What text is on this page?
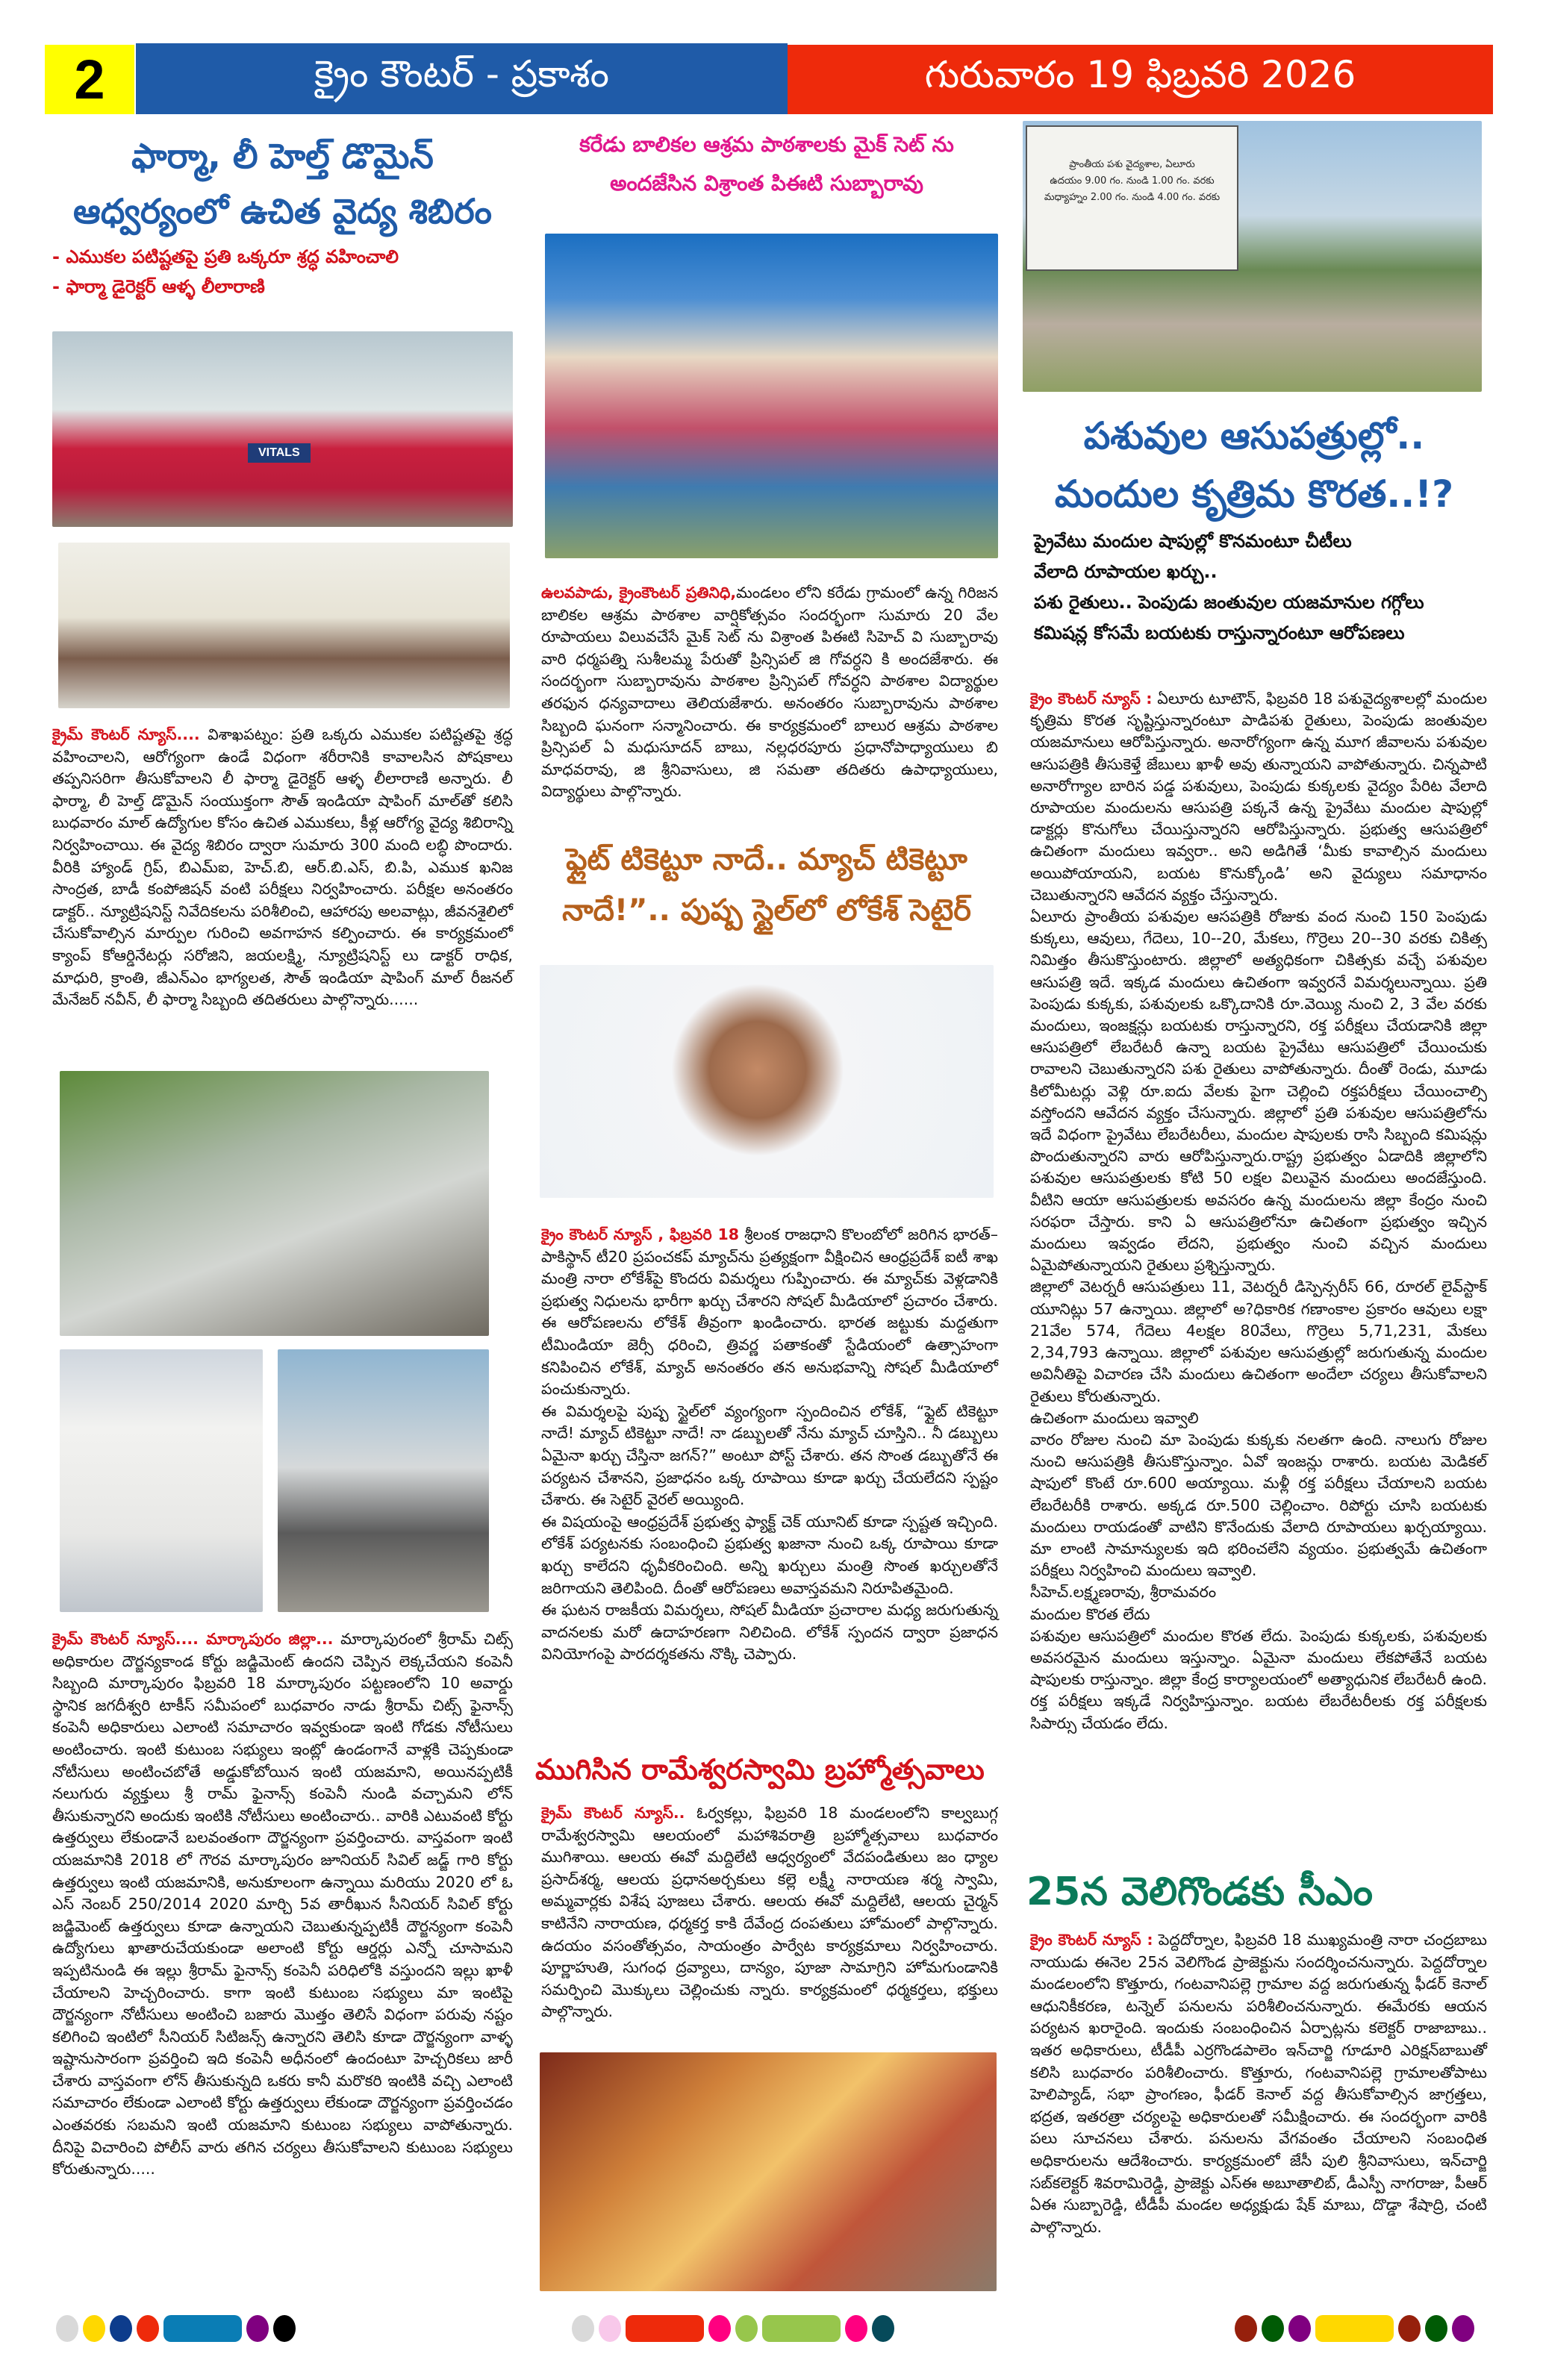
2	క్రైం కౌంటర్ - ప్రకాశం	గురువారం 19 ఫిబ్రవరి 2026
ఫార్మా, లీ హెల్త్ డొమైన్
ఆధ్వర్యంలో ఉచిత వైద్య శిబిరం
- ఎముకల పటిష్టతపై ప్రతి ఒక్కరూ శ్రద్ధ వహించాలి
- ఫార్మా డైరెక్టర్ ఆళ్ళ లీలారాణి
VITALS
క్రైమ్ కౌంటర్ న్యూస్.... విశాఖపట్నం: ప్రతి ఒక్కరు ఎముకల పటిష్టతపై శ్రద్ధ వహించాలని, ఆరోగ్యంగా ఉండే విధంగా శరీరానికి కావాలసిన పోషకాలు తప్పనిసరిగా తీసుకోవాలని లీ ఫార్మా డైరెక్టర్ ఆళ్ళ లీలారాణి అన్నారు. లీ ఫార్మా, లీ హెల్త్ డొమైన్ సంయుక్తంగా సౌత్ ఇండియా షాపింగ్ మాల్‌తో కలిసి బుధవారం మాల్ ఉద్యోగుల కోసం ఉచిత ఎముకలు, కీళ్ల ఆరోగ్య వైద్య శిబిరాన్ని నిర్వహించాయి. ఈ వైద్య శిబిరం ద్వారా సుమారు 300 మంది లబ్ధి పొందారు. వీరికి హ్యాండ్ గ్రిప్, బిఎమ్ఐ, హెచ్.బి, ఆర్.బి.ఎస్, బి.పి, ఎముక ఖనిజ సాంద్రత, బాడీ కంపోజిషన్ వంటి పరీక్షలు నిర్వహించారు. పరీక్షల అనంతరం డాక్టర్.. న్యూట్రిషనిస్ట్ నివేదికలను పరిశీలించి, ఆహారపు అలవాట్లు, జీవనశైలిలో చేసుకోవాల్సిన మార్పుల గురించి అవగాహన కల్పించారు. ఈ కార్యక్రమంలో క్యాంప్ కోఆర్డినేటర్లు సరోజిని, జయలక్ష్మి, న్యూట్రిషనిస్ట్ లు డాక్టర్ రాధిక, మాధురి, క్రాంతి, జీఎన్‌ఎం భాగ్యలత, సౌత్ ఇండియా షాపింగ్ మాల్ రీజనల్ మేనేజర్ నవీన్, లీ ఫార్మా సిబ్బంది తదితరులు పాల్గొన్నారు......
క్రైమ్ కౌంటర్ న్యూస్.... మార్కాపురం జిల్లా... మార్కాపురంలో శ్రీరామ్ చిట్స్ అధికారుల దౌర్జన్యకాండ కోర్టు జడ్జిమెంట్ ఉందని చెప్పిన లెక్కచేయని కంపెనీ సిబ్బంది మార్కాపురం ఫిబ్రవరి 18 మార్కాపురం పట్టణంలోని 10 అవార్డు స్థానిక జగదీశ్వరి టాకీస్ సమీపంలో బుధవారం నాడు శ్రీరామ్ చిట్స్ ఫైనాన్స్ కంపెనీ అధికారులు ఎలాంటి సమాచారం ఇవ్వకుండా ఇంటి గోడకు నోటీసులు అంటించారు. ఇంటి కుటుంబ సభ్యులు ఇంట్లో ఉండంగానే వాళ్లకి చెప్పకుండా నోటీసులు అంటించబోతే అడ్డుకోబోయిన ఇంటి యజమాని, అయినప్పటికీ నలుగురు వ్యక్తులు శ్రీ రామ్ ఫైనాన్స్ కంపెనీ నుండి వచ్చామని లోన్ తీసుకున్నారని అందుకు ఇంటికి నోటీసులు అంటించారు.. వారికి ఎటువంటి కోర్టు ఉత్తర్వులు లేకుండానే బలవంతంగా దౌర్జన్యంగా ప్రవర్తించారు. వాస్తవంగా ఇంటి యజమానికి 2018 లో గౌరవ మార్కాపురం జూనియర్ సివిల్ జడ్జ్ గారి కోర్టు ఉత్తర్వులు ఇంటి యజమానికి, అనుకూలంగా ఉన్నాయి మరియు 2020 లో ఓ ఎస్ నెంబర్ 250/2014 2020 మార్చి 5వ తారీఖున సీనియర్ సివిల్ కోర్టు జడ్జిమెంట్ ఉత్తర్వులు కూడా ఉన్నాయని చెబుతున్నప్పటికీ దౌర్జన్యంగా కంపెనీ ఉద్యోగులు ఖాతారుచేయకుండా అలాంటి కోర్టు ఆర్డర్లు ఎన్నో చూసామని ఇప్పటినుండి ఈ ఇల్లు శ్రీరామ్ ఫైనాన్స్ కంపెనీ పరిధిలోకి వస్తుందని ఇల్లు ఖాళీ చేయాలని హెచ్చరించారు. కాగా ఇంటి కుటుంబ సభ్యులు మా ఇంటిపై దౌర్జన్యంగా నోటీసులు అంటించి బజారు మొత్తం తెలిసే విధంగా పరువు నష్టం కలిగించి ఇంటిలో సీనియర్ సిటిజన్స్ ఉన్నారని తెలిసి కూడా దౌర్జన్యంగా వాళ్ళ ఇష్టానుసారంగా ప్రవర్తించి ఇది కంపెనీ అధీనంలో ఉందంటూ హెచ్చరికలు జారీ చేశారు వాస్తవంగా లోన్ తీసుకున్నది ఒకరు కానీ మరొకరి ఇంటికి వచ్చి ఎలాంటి సమాచారం లేకుండా ఎలాంటి కోర్టు ఉత్తర్వులు లేకుండా దౌర్జన్యంగా ప్రవర్తించడం ఎంతవరకు సబమని ఇంటి యజమాని కుటుంబ సభ్యులు వాపోతున్నారు. దీనిపై విచారించి పోలీస్ వారు తగిన చర్యలు తీసుకోవాలని కుటుంబ సభ్యులు కోరుతున్నారు.....
కరేడు బాలికల ఆశ్రమ పాఠశాలకు మైక్ సెట్ ను
అందజేసిన విశ్రాంత పిఈటి సుబ్బారావు
ఉలవపాడు, క్రైంకౌంటర్ ప్రతినిధి,మండలం లోని కరేడు గ్రామంలో ఉన్న గిరిజన బాలికల ఆశ్రమ పాఠశాల వార్షికోత్సవం సందర్భంగా సుమారు 20 వేల రూపాయలు విలువచేసే మైక్ సెట్ ను విశ్రాంత పిఈటి సిహెచ్ వి సుబ్బారావు వారి ధర్మపత్ని సుశీలమ్మ పేరుతో ప్రిన్సిపల్ జి గోవర్ధని కి అందజేశారు. ఈ సందర్భంగా సుబ్బారావును పాఠశాల ప్రిన్సిపల్ గోవర్ధని పాఠశాల విద్యార్థుల తరఫున ధన్యవాదాలు తెలియజేశారు. అనంతరం సుబ్బారావును పాఠశాల సిబ్బంది ఘనంగా సన్మానించారు. ఈ కార్యక్రమంలో బాలుర ఆశ్రమ పాఠశాల ప్రిన్సిపల్ ఏ మధుసూదన్ బాబు, నల్లధరపూరు ప్రధానోపాధ్యాయులు బి మాధవరావు, జి శ్రీనివాసులు, జి సమతా తదితరు ఉపాధ్యాయులు, విద్యార్థులు పాల్గొన్నారు.
ఫ్లైట్ టికెట్టూ నాదే.. మ్యాచ్ టికెట్టూ
నాదే!”.. పుష్ప స్టైల్‌లో లోకేశ్ సెటైర్

క్రైం కౌంటర్ న్యూస్ , ఫిబ్రవరి 18 శ్రీలంక రాజధాని కొలంబోలో జరిగిన భారత్–పాకిస్థాన్ టీ20 ప్రపంచకప్ మ్యాచ్‌ను ప్రత్యక్షంగా వీక్షించిన ఆంధ్రప్రదేశ్ ఐటీ శాఖ మంత్రి నారా లోకేశ్‌పై కొందరు విమర్శలు గుప్పించారు. ఈ మ్యాచ్‌కు వెళ్లడానికి ప్రభుత్వ నిధులను భారీగా ఖర్చు చేశారని సోషల్ మీడియాలో ప్రచారం చేశారు. ఈ ఆరోపణలను లోకేశ్ తీవ్రంగా ఖండించారు. భారత జట్టుకు మద్దతుగా టీమిండియా జెర్సీ ధరించి, త్రివర్ణ పతాకంతో స్టేడియంలో ఉత్సాహంగా కనిపించిన లోకేశ్, మ్యాచ్ అనంతరం తన అనుభవాన్ని సోషల్ మీడియాలో పంచుకున్నారు.

ఈ విమర్శలపై పుష్ప స్టైల్‌లో వ్యంగ్యంగా స్పందించిన లోకేశ్, “ఫ్లైట్ టికెట్టూ నాదే! మ్యాచ్ టికెట్టూ నాదే! నా డబ్బులతో నేను మ్యాచ్ చూస్తిని.. నీ డబ్బులు ఏమైనా ఖర్చు చేస్తినా జగన్?” అంటూ పోస్ట్ చేశారు. తన సొంత డబ్బుతోనే ఈ పర్యటన చేశానని, ప్రజాధనం ఒక్క రూపాయి కూడా ఖర్చు చేయలేదని స్పష్టం చేశారు. ఈ సెటైర్ వైరల్ అయ్యింది.

ఈ విషయంపై ఆంధ్రప్రదేశ్ ప్రభుత్వ ఫ్యాక్ట్ చెక్ యూనిట్ కూడా స్పష్టత ఇచ్చింది. లోకేశ్ పర్యటనకు సంబంధించి ప్రభుత్వ ఖజానా నుంచి ఒక్క రూపాయి కూడా ఖర్చు కాలేదని ధృవీకరించింది. అన్ని ఖర్చులు మంత్రి సొంత ఖర్చులతోనే జరిగాయని తెలిపింది. దీంతో ఆరోపణలు అవాస్తవమని నిరూపితమైంది.

ఈ ఘటన రాజకీయ విమర్శలు, సోషల్ మీడియా ప్రచారాల మధ్య జరుగుతున్న వాదనలకు మరో ఉదాహరణగా నిలిచింది. లోకేశ్ స్పందన ద్వారా ప్రజాధన వినియోగంపై పారదర్శకతను నొక్కి చెప్పారు.

ముగిసిన రామేశ్వరస్వామి బ్రహ్మోత్సవాలు
క్రైమ్ కౌంటర్ న్యూస్.. ఓర్వకల్లు, ఫిబ్రవరి 18 మండలంలోని కాల్వబుగ్గ రామేశ్వరస్వామి ఆలయంలో మహాశివరాత్రి బ్రహ్మోత్సవాలు బుధవారం ముగిశాయి. ఆలయ ఈవో మద్దిలేటి ఆధ్వర్యంలో వేదపండితులు జం ధ్యాల ప్రసాద్‌శర్మ, ఆలయ ప్రధానఅర్చకులు కల్లె లక్ష్మీ నారాయణ శర్మ స్వామి, అమ్మవార్లకు విశేష పూజలు చేశారు. ఆలయ ఈవో మద్దిలేటి, ఆలయ చైర్మన్ కాటినేని నారాయణ, ధర్మకర్త కాకి దేవేంద్ర దంపతులు హోమంలో పాల్గొన్నారు. ఉదయం వసంతోత్సవం, సాయంత్రం పార్వేట కార్యక్రమాలు నిర్వహించారు. పూర్ణాహుతి, సుగంధ ద్రవ్యాలు, దాన్యం, పూజా సామాగ్రిని హోమగుండానికి సమర్పించి మొక్కులు చెల్లించుకు న్నారు. కార్యక్రమంలో ధర్మకర్తలు, భక్తులు పాల్గొన్నారు.
ప్రాంతీయ పశు వైద్యశాల, ఏలూరు
ఉదయం 9.00 గం. నుండి 1.00 గం. వరకు
మధ్యాహ్నం 2.00 గం. నుండి 4.00 గం. వరకు
పశువుల ఆసుపత్రుల్లో..
మందుల కృత్రిమ కొరత..!?
ప్రైవేటు మందుల షాపుల్లో కొనమంటూ చీటీలు
వేలాది రూపాయల ఖర్చు..
పశు రైతులు.. పెంపుడు జంతువుల యజమానుల గగ్గోలు
కమిషన్ల కోసమే బయటకు రాస్తున్నారంటూ ఆరోపణలు

క్రైం కౌంటర్ న్యూస్ : ఏలూరు టూటౌన్, ఫిబ్రవరి 18 పశువైద్యశాలల్లో మందుల కృత్రిమ కొరత సృష్టిస్తున్నారంటూ పాడిపశు రైతులు, పెంపుడు జంతువుల యజమానులు ఆరోపిస్తున్నారు. అనారోగ్యంగా ఉన్న మూగ జీవాలను పశువుల ఆసుపత్రికి తీసుకెళ్తే జేబులు ఖాళీ అవు తున్నాయని వాపోతున్నారు. చిన్నపాటి అనారోగ్యాల బారిన పడ్డ పశువులు, పెంపుడు కుక్కలకు వైద్యం పేరిట వేలాది రూపాయల మందులను ఆసుపత్రి పక్కనే ఉన్న ప్రైవేటు మందుల షాపుల్లో డాక్టర్లు కొనుగోలు చేయిస్తున్నారని ఆరోపిస్తున్నారు. ప్రభుత్వ ఆసుపత్రిలో ఉచితంగా మందులు ఇవ్వరా.. అని అడిగితే ‘మీకు కావాల్సిన మందులు అయిపోయాయని, బయట కొనుక్కోండి’ అని వైద్యులు సమాధానం చెబుతున్నారని ఆవేదన వ్యక్తం చేస్తున్నారు.

ఏలూరు ప్రాంతీయ పశువుల ఆసపత్రికి రోజుకు వంద నుంచి 150 పెంపుడు కుక్కలు, ఆవులు, గేదెలు, 10--20, మేకలు, గొర్రెలు 20--30 వరకు చికిత్స నిమిత్తం తీసుకొస్తుంటారు. జిల్లాలో అత్యధికంగా చికిత్సకు వచ్చే పశువుల ఆసుపత్రి ఇదే. ఇక్కడ మందులు ఉచితంగా ఇవ్వరనే విమర్శలున్నాయి. ప్రతి పెంపుడు కుక్కకు, పశువులకు ఒక్కొదానికి రూ.వెయ్యి నుంచి 2, 3 వేల వరకు మందులు, ఇంజక్షన్లు బయటకు రాస్తున్నారని, రక్త పరీక్షలు చేయడానికి జిల్లా ఆసుపత్రిలో లేబరేటరీ ఉన్నా బయట ప్రైవేటు ఆసుపత్రిలో చేయించుకు రావాలని చెబుతున్నారని పశు రైతులు వాపోతున్నారు. దీంతో రెండు, మూడు కిలోమీటర్లు వెళ్లి రూ.ఐదు వేలకు పైగా చెల్లించి రక్తపరీక్షలు చేయించాల్సి వస్తోందని ఆవేదన వ్యక్తం చేసున్నారు. జిల్లాలో ప్రతి పశువుల ఆసుపత్రిలోను ఇదే విధంగా ప్రైవేటు లేబరేటరీలు, మందుల షాపులకు రాసి సిబ్బంది కమిషన్లు పొందుతున్నారని వారు ఆరోపిస్తున్నారు.రాష్ట్ర ప్రభుత్వం ఏడాదికి జిల్లాలోని పశువుల ఆసుపత్రులకు కోటి 50 లక్షల విలువైన మందులు అందజేస్తుంది. వీటిని ఆయా ఆసుపత్రులకు అవసరం ఉన్న మందులను జిల్లా కేంద్రం నుంచి సరఫరా చేస్తారు. కాని ఏ ఆసుపత్రిలోనూ ఉచితంగా ప్రభుత్వం ఇచ్చిన మందులు ఇవ్వడం లేదని, ప్రభుత్వం నుంచి వచ్చిన మందులు ఏమైపోతున్నాయని రైతులు ప్రశ్నిస్తున్నారు.

జిల్లాలో వెటర్నరీ ఆసుపత్రులు 11, వెటర్నరీ డిస్పెన్సరీస్ 66, రూరల్ లైవ్‌స్టాక్ యూనిట్లు 57 ఉన్నాయి. జిల్లాలో అ?ధికారిక గణాంకాల ప్రకారం ఆవులు లక్షా 21వేల 574, గేదెలు 4లక్షల 80వేలు, గొర్రెలు 5,71,231, మేకలు 2,34,793 ఉన్నాయి. జిల్లాలో పశువుల ఆసుపత్రుల్లో జరుగుతున్న మందుల అవినీతిపై విచారణ చేసి మందులు ఉచితంగా అందేలా చర్యలు తీసుకోవాలని రైతులు కోరుతున్నారు.

ఉచితంగా మందులు ఇవ్వాలి

వారం రోజుల నుంచి మా పెంపుడు కుక్కకు నలతగా ఉంది. నాలుగు రోజుల నుంచి ఆసుపత్రికి తీసుకొస్తున్నాం. ఏవో ఇంజన్లు రాశారు. బయట మెడికల్ షాపులో కొంటే రూ.600 అయ్యాయి. మళ్లీ రక్త పరీక్షలు చేయాలని బయట లేబరేటరీకి రాశారు. అక్కడ రూ.500 చెల్లించాం. రిపోర్టు చూసి బయటకు మందులు రాయడంతో వాటిని కొనేందుకు వేలాది రూపాయలు ఖర్చయ్యాయి. మా లాంటి సామాన్యులకు ఇది భరించలేని వ్యయం. ప్రభుత్వమే ఉచితంగా పరీక్షలు నిర్వహించి మందులు ఇవ్వాలి.

సీహెచ్.లక్ష్మణరావు, శ్రీరామవరం

మందుల కొరత లేదు

పశువుల ఆసుపత్రిలో మందుల కొరత లేదు. పెంపుడు కుక్కలకు, పశువులకు అవసరమైన మందులు ఇస్తున్నాం. ఏమైనా మందులు లేకపోతేనే బయట షాపులకు రాస్తున్నాం. జిల్లా కేంద్ర కార్యాలయంలో అత్యాధునిక లేబరేటరీ ఉంది. రక్త పరీక్షలు ఇక్కడే నిర్వహిస్తున్నాం. బయట లేబరేటరీలకు రక్త పరీక్షలకు సిపార్సు చేయడం లేదు.

25న వెలిగొండకు సీఎం
క్రైం కౌంటర్ న్యూస్ : పెద్దదోర్నాల, ఫిబ్రవరి 18 ముఖ్యమంత్రి నారా చంద్రబాబు నాయుడు ఈనెల 25న వెలిగొండ ప్రాజెక్టును సందర్శించనున్నారు. పెద్దదోర్నాల మండలంలోని కొత్తూరు, గంటవానిపల్లె గ్రామాల వద్ద జరుగుతున్న ఫీడర్ కెనాల్ ఆధునికీకరణ, టన్నెల్ పనులను పరిశీలించనున్నారు. ఈమేరకు ఆయన పర్యటన ఖరారైంది. ఇందుకు సంబంధించిన ఏర్పాట్లను కలెక్టర్ రాజాబాబు.. ఇతర అధికారులు, టీడీపీ ఎర్రగొండపాలెం ఇన్‌చార్జి గూడూరి ఎరిక్షన్‌బాబుతో కలిసి బుధవారం పరిశీలించారు. కొత్తూరు, గంటవానిపల్లె గ్రామాలతోపాటు హెలిప్యాడ్, సభా ప్రాంగణం, ఫీడర్ కెనాల్ వద్ద తీసుకోవాల్సిన జాగ్రత్తలు, భద్రత, ఇతరత్రా చర్యలపై అధికారులతో సమీక్షించారు. ఈ సందర్భంగా వారికి పలు సూచనలు చేశారు. పనులను వేగవంతం చేయాలని సంబంధిత అధికారులను ఆదేశించారు. కార్యక్రమంలో జేసీ పులి శ్రీనివాసులు, ఇన్‌చార్జి సబ్‌కలెక్టర్ శివరామిరెడ్డి, ప్రాజెక్టు ఎస్ఈ అబూతాలిబ్, డీఎస్పీ నాగరాజు, పీఆర్ ఏఈ సుబ్బారెడ్డి, టీడీపీ మండల అధ్యక్షుడు షేక్ మాబు, దొడ్డా శేషాద్రి, చంటి పాల్గొన్నారు.
